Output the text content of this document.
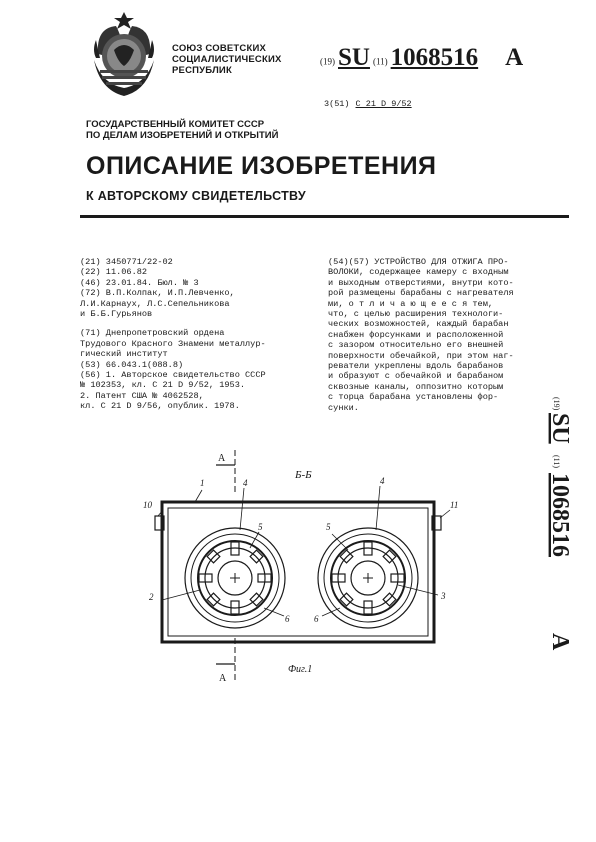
СОЮЗ СОВЕТСКИХ
СОЦИАЛИСТИЧЕСКИХ
РЕСПУБЛИК
(19) SU (11) 1068516 A
3(51) С 21 D 9/52
ГОСУДАРСТВЕННЫЙ КОМИТЕТ СССР
ПО ДЕЛАМ ИЗОБРЕТЕНИЙ И ОТКРЫТИЙ
ОПИСАНИЕ ИЗОБРЕТЕНИЯ
К АВТОРСКОМУ СВИДЕТЕЛЬСТВУ
(21) 3450771/22-02
(22) 11.06.82
(46) 23.01.84. Бюл. № 3
(72) В.П.Колпак, И.П.Левченко,
Л.И.Карнаух, Л.С.Сепельникова
и Б.Б.Гурьянов
(71) Днепропетровский ордена
Трудового Красного Знамени металлур-
гический институт
(53) 66.043.1(088.8)
(56) 1. Авторское свидетельство СССР
№ 102353, кл. С 21 D 9/52, 1953.
2. Патент США № 4062528,
кл. С 21 D 9/56, опублик. 1978.
(54)(57) УСТРОЙСТВО ДЛЯ ОТЖИГА ПРО-
ВОЛОКИ, содержащее камеру с входным
и выходным отверстиями, внутри кото-
рой размещены барабаны с нагревателя
ми, о т л и ч а ю щ е е с я тем,
что, с целью расширения технологи-
ческих возможностей, каждый барабан
снабжен форсунками и расположенной
с зазором относительно его внешней
поверхности обечайкой, при этом наг-
реватели укреплены вдоль барабанов
и образуют с обечайкой и барабаном
сквозные каналы, оппозитно которым
с торца барабана установлены фор-
сунки.	(19)
SU
(11)
1068516
A
А
А
Б-Б
1
2	3
4	4
5	5
6	6
10	11
Фиг.1
